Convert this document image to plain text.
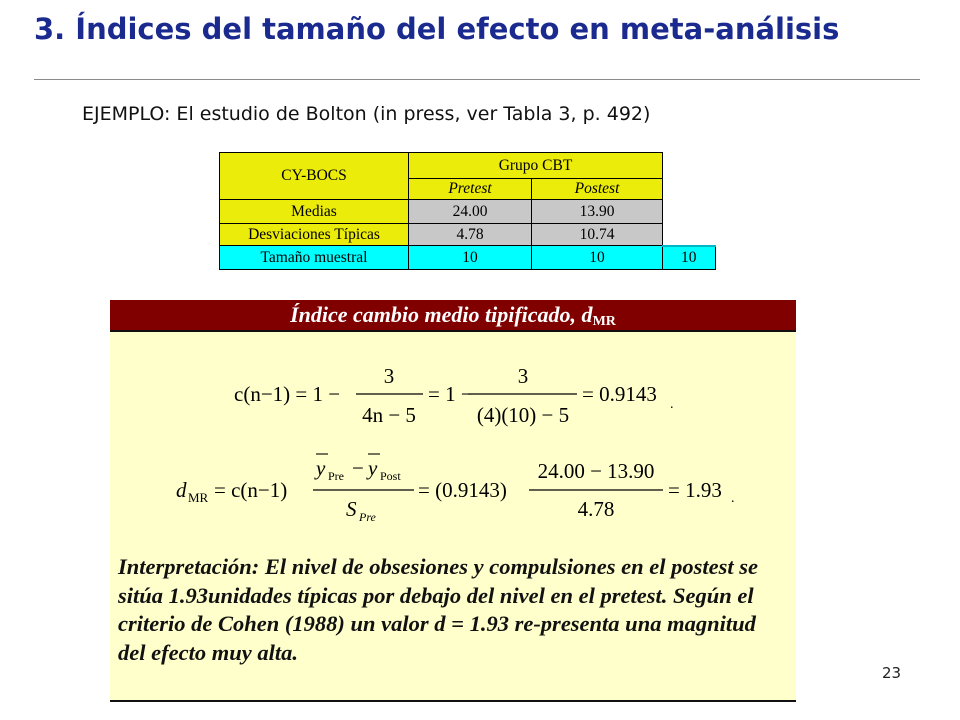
3. Índices del tamaño del efecto en meta-análisis
EJEMPLO: El estudio de Bolton (in press, ver Tabla 3, p. 492)
CY-BOCS	Grupo CBT		
	Pretest	Postest	
Medias	24.00	13.90	
Desviaciones Típicas	4.78	10.74	
Tamaño muestral	10	10	10
Índice cambio medio tipificado, $d_{MR}$
c(n−1) = 1 −
3
4n − 5
= 1 −
3
(4)(10) − 5
= 0.9143 .
d MR = c(n−1)
y Pre − y Post
S Pre
= (0.9143)
24.00 − 13.90
4.78
= 1.93 .

Interpretación: El nivel de obsesiones y compulsiones en el postest se sitúa 1.93unidades típicas por debajo del nivel en el pretest. Según el criterio de Cohen (1988) un valor d = 1.93 re-presenta una magnitud del efecto muy alta.

23
